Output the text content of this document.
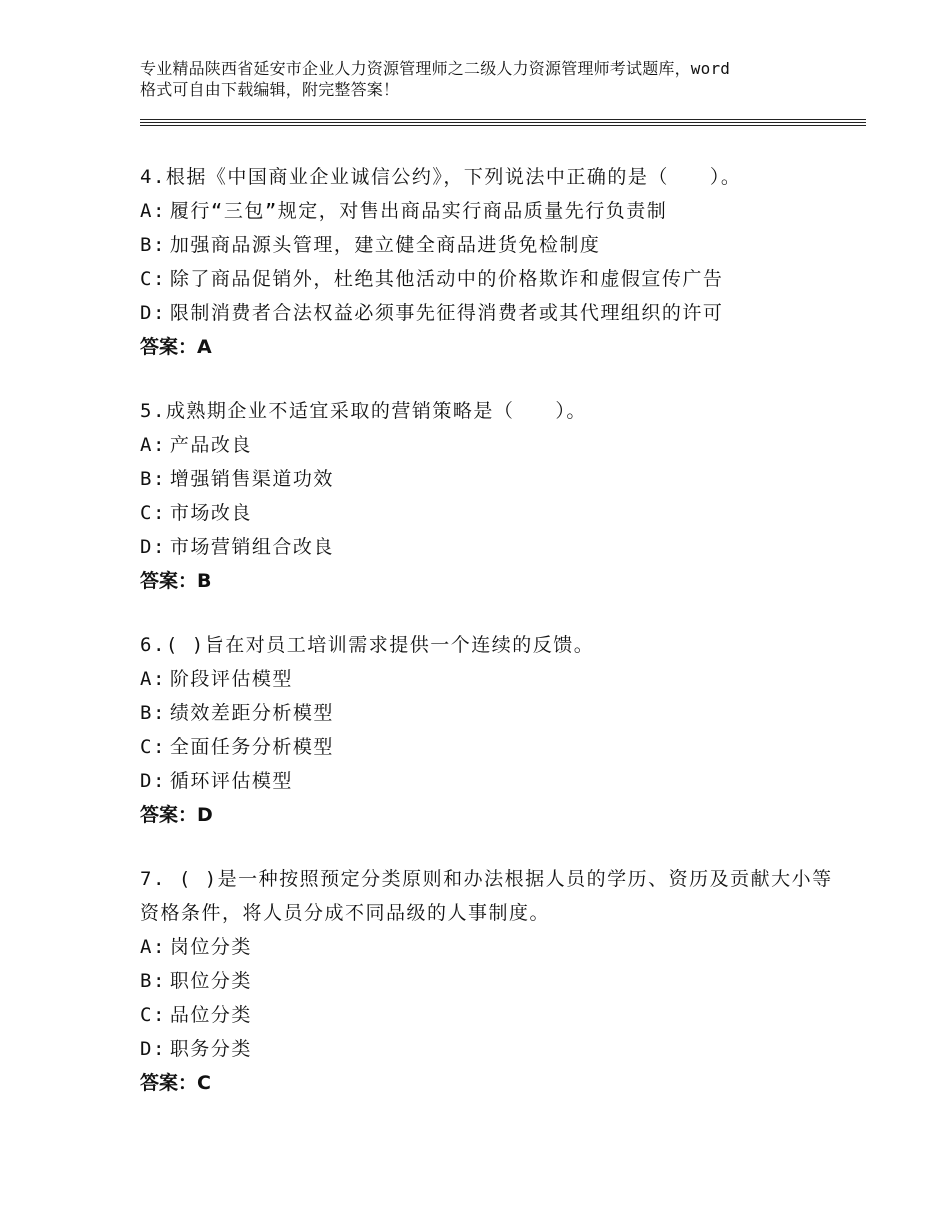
专业精品陕西省延安市企业人力资源管理师之二级人力资源管理师考试题库，word
格式可自由下载编辑，附完整答案！

4.根据《中国商业企业诚信公约》，下列说法中正确的是（　　）。

A: 履行“三包”规定，对售出商品实行商品质量先行负责制

B: 加强商品源头管理，建立健全商品进货免检制度

C: 除了商品促销外，杜绝其他活动中的价格欺诈和虚假宣传广告

D: 限制消费者合法权益必须事先征得消费者或其代理组织的许可

答案：A

5.成熟期企业不适宜采取的营销策略是（　　）。

A: 产品改良

B: 增强销售渠道功效

C: 市场改良

D: 市场营销组合改良

答案：B

6.( )旨在对员工培训需求提供一个连续的反馈。

A: 阶段评估模型

B: 绩效差距分析模型

C: 全面任务分析模型

D: 循环评估模型

答案：D

7. ( )是一种按照预定分类原则和办法根据人员的学历、资历及贡献大小等资格条件，将人员分成不同品级的人事制度。

A: 岗位分类

B: 职位分类

C: 品位分类

D: 职务分类

答案：C
